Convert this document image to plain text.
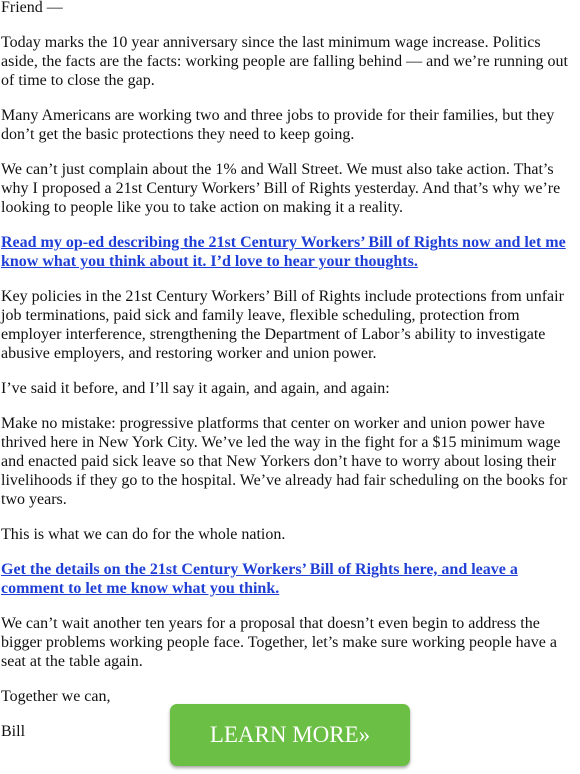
Friend —

Today marks the 10 year anniversary since the last minimum wage increase. Politics aside, the facts are the facts: working people are falling behind — and we’re running out of time to close the gap.

Many Americans are working two and three jobs to provide for their families, but they don’t get the basic protections they need to keep going.

We can’t just complain about the 1% and Wall Street. We must also take action. That’s why I proposed a 21st Century Workers’ Bill of Rights yesterday. And that’s why we’re looking to people like you to take action on making it a reality.

Read my op-ed describing the 21st Century Workers’ Bill of Rights now and let me know what you think about it. I’d love to hear your thoughts.

Key policies in the 21st Century Workers’ Bill of Rights include protections from unfair job terminations, paid sick and family leave, flexible scheduling, protection from employer interference, strengthening the Department of Labor’s ability to investigate abusive employers, and restoring worker and union power.

I’ve said it before, and I’ll say it again, and again, and again:

Make no mistake: progressive platforms that center on worker and union power have thrived here in New York City. We’ve led the way in the fight for a $15 minimum wage and enacted paid sick leave so that New Yorkers don’t have to worry about losing their livelihoods if they go to the hospital. We’ve already had fair scheduling on the books for two years.

This is what we can do for the whole nation.

Get the details on the 21st Century Workers’ Bill of Rights here, and leave a comment to let me know what you think.

We can’t wait another ten years for a proposal that doesn’t even begin to address the bigger problems working people face. Together, let’s make sure working people have a seat at the table again.

Together we can,

Bill	LEARN MORE»
